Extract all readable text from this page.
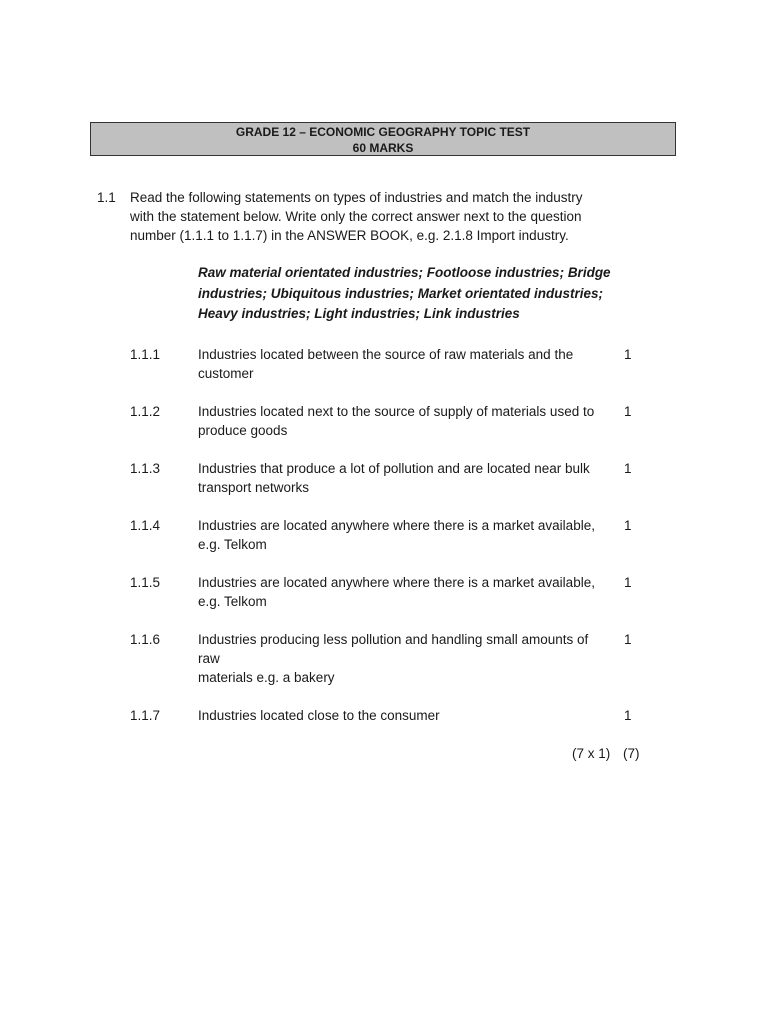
GRADE 12 – ECONOMIC GEOGRAPHY TOPIC TEST
60 MARKS
1.1 Read the following statements on types of industries and match the industry
with the statement below. Write only the correct answer next to the question
number (1.1.1 to 1.1.7) in the ANSWER BOOK, e.g. 2.1.8 Import industry.
Raw material orientated industries; Footloose industries; Bridge
industries; Ubiquitous industries; Market orientated industries;
Heavy industries; Light industries; Link industries
1.1.1	Industries located between the source of raw materials and the
customer
1
1.1.2	Industries located next to the source of supply of materials used to
produce goods
1
1.1.3	Industries that produce a lot of pollution and are located near bulk
transport networks
1
1.1.4	Industries are located anywhere where there is a market available,
e.g. Telkom
1
1.1.5	Industries are located anywhere where there is a market available,
e.g. Telkom
1
1.1.6	Industries producing less pollution and handling small amounts of
raw
materials e.g. a bakery
1
1.1.7	Industries located close to the consumer	1
(7 x 1) (7)
